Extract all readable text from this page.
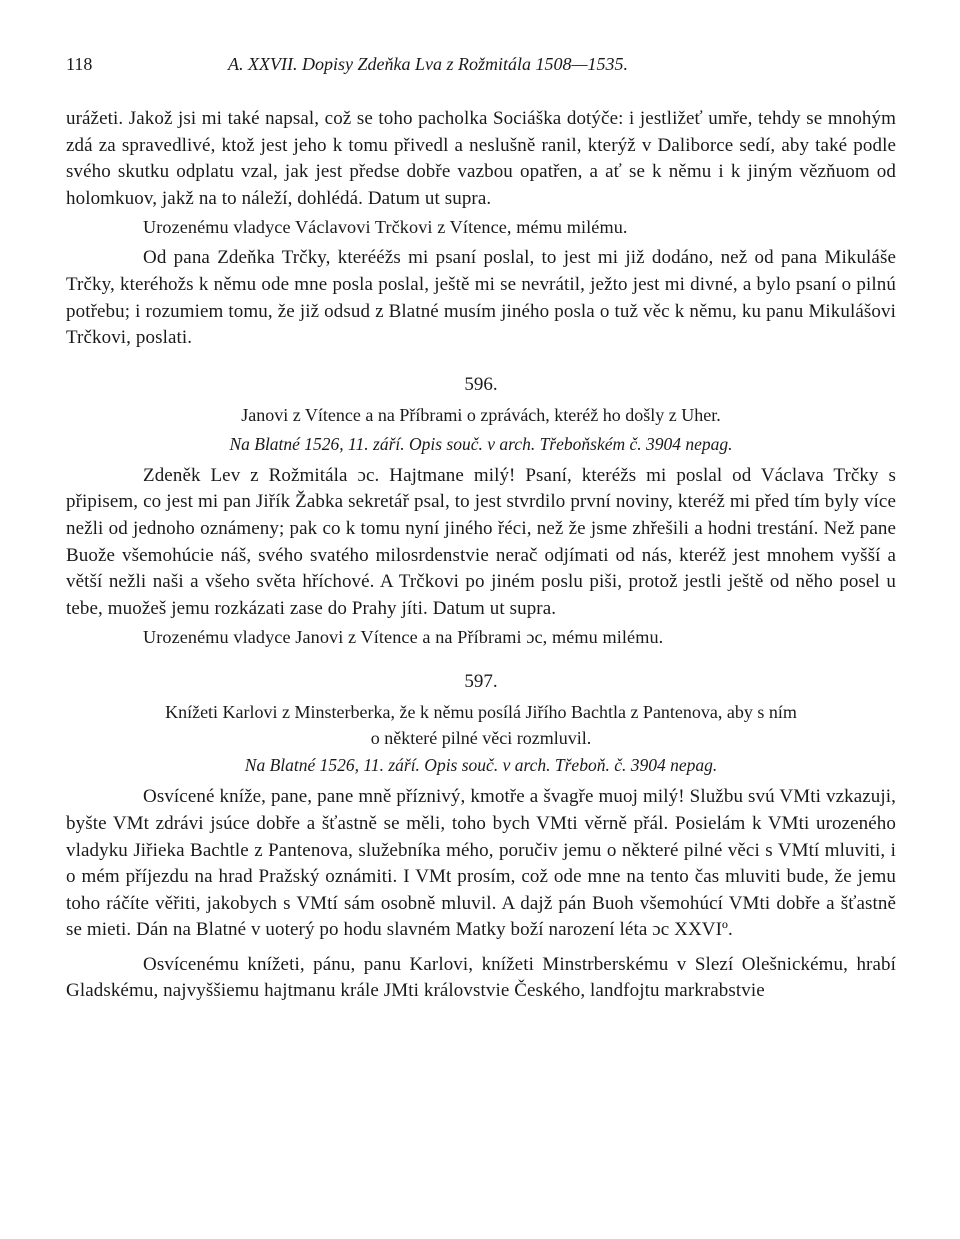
118	A. XXVII. Dopisy Zdeňka Lva z Rožmitála 1508—1535.

urážeti. Jakož jsi mi také napsal, což se toho pacholka Sociáška dotýče: i jestližeť umře, tehdy se mnohým zdá za spravedlivé, ktož jest jeho k tomu přivedl a neslušně ranil, kterýž v Daliborce sedí, aby také podle svého skutku odplatu vzal, jak jest předse dobře vazbou opatřen, a ať se k němu i k jiným vězňuom od holomkuov, jakž na to náleží, dohlédá. Datum ut supra.

Urozenému vladyce Václavovi Trčkovi z Vítence, mému milému.

Od pana Zdeňka Trčky, kterééžs mi psaní poslal, to jest mi již dodáno, než od pana Mikuláše Trčky, kteréhožs k němu ode mne posla poslal, ještě mi se nevrátil, ježto jest mi divné, a bylo psaní o pilnú potřebu; i rozumiem tomu, že již odsud z Blatné musím jiného posla o tuž věc k němu, ku panu Mikulášovi Trčkovi, poslati.

596.

Janovi z Vítence a na Příbrami o zprávách, kteréž ho došly z Uher.

Na Blatné 1526, 11. září. Opis souč. v arch. Třeboňském č. 3904 nepag.

Zdeněk Lev z Rožmitála ɔc. Hajtmane milý! Psaní, kteréžs mi poslal od Václava Trčky s připisem, co jest mi pan Jiřík Žabka sekretář psal, to jest stvrdilo první noviny, kteréž mi před tím byly více nežli od jednoho oznámeny; pak co k tomu nyní jiného řéci, než že jsme zhřešili a hodni trestání. Než pane Buože všemohúcie náš, svého svatého milosrdenstvie nerač odjímati od nás, kteréž jest mnohem vyšší a větší nežli naši a všeho světa hříchové. A Trčkovi po jiném poslu piši, protož jestli ještě od něho posel u tebe, muožeš jemu rozkázati zase do Prahy jíti. Datum ut supra.

Urozenému vladyce Janovi z Vítence a na Příbrami ɔc, mému milému.

597.

Knížeti Karlovi z Minsterberka, že k němu posílá Jiřího Bachtla z Pantenova, aby s ním
o některé pilné věci rozmluvil.

Na Blatné 1526, 11. září. Opis souč. v arch. Třeboň. č. 3904 nepag.

Osvícené kníže, pane, pane mně příznivý, kmotře a švagře muoj milý! Službu svú VMti vzkazuji, byšte VMt zdrávi jsúce dobře a šťastně se měli, toho bych VMti věrně přál. Posielám k VMti urozeného vladyku Jiřieka Bachtle z Pantenova, služebníka mého, poručiv jemu o některé pilné věci s VMtí mluviti, i o mém příjezdu na hrad Pražský oznámiti. I VMt prosím, což ode mne na tento čas mluviti bude, že jemu toho ráčíte věřiti, jakobych s VMtí sám osobně mluvil. A dajž pán Buoh všemohúcí VMti dobře a šťastně se mieti. Dán na Blatné v uoterý po hodu slavném Matky boží narození léta ɔc XXVIº.

Osvícenému knížeti, pánu, panu Karlovi, knížeti Minstrberskému v Slezí Olešnickému, hrabí Gladskému, najvyššiemu hajtmanu krále JMti královstvie Českého, landfojtu markrabstvie
